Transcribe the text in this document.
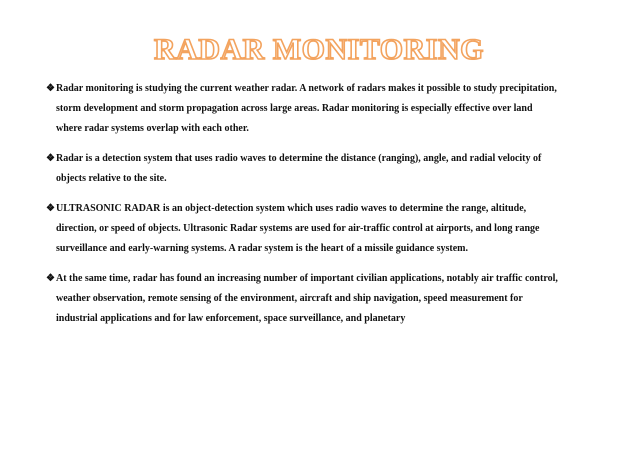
RADAR MONITORING
❖ Radar monitoring is studying the current weather radar. A network of radars makes it possible to study precipitation,
storm development and storm propagation across large areas. Radar monitoring is especially effective over land
where radar systems overlap with each other.
❖ Radar is a detection system that uses radio waves to determine the distance (ranging), angle, and radial velocity of
objects relative to the site.
❖ ULTRASONIC RADAR is an object-detection system which uses radio waves to determine the range, altitude,
direction, or speed of objects. Ultrasonic Radar systems are used for air-traffic control at airports, and long range
surveillance and early-warning systems. A radar system is the heart of a missile guidance system.
❖ At the same time, radar has found an increasing number of important civilian applications, notably air traffic control,
weather observation, remote sensing of the environment, aircraft and ship navigation, speed measurement for
industrial applications and for law enforcement, space surveillance, and planetary
